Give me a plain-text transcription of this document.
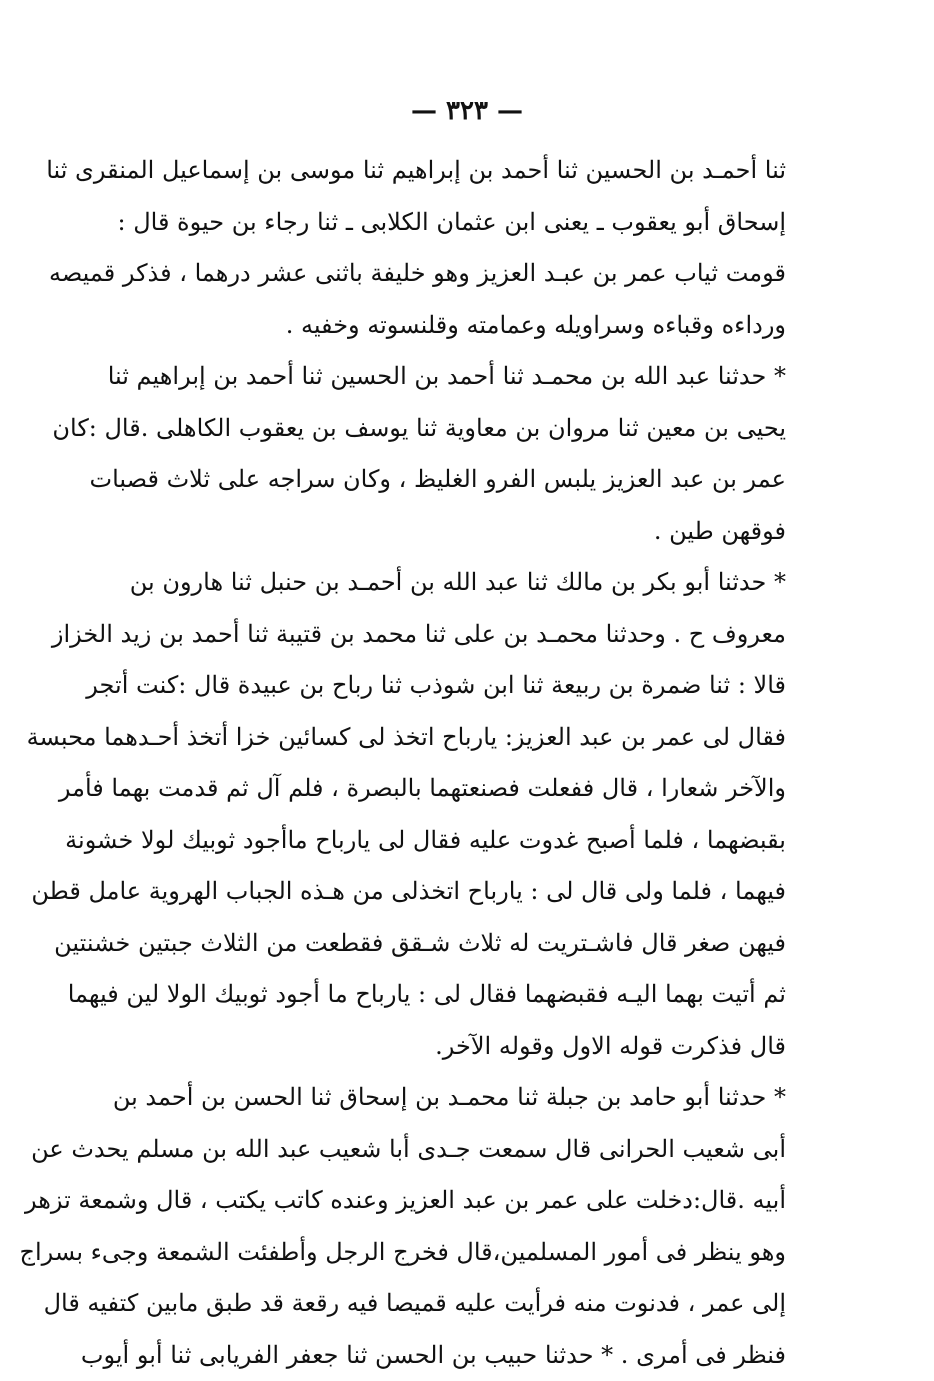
— ٣٢٣ —
ثنا أحمـد بن الحسين ثنا أحمد بن إبراهيم ثنا موسى بن إسماعيل المنقرى ثنا
إسحاق أبو يعقوب ـ يعنى ابن عثمان الكلابى ـ ثنا رجاء بن حيوة قال :
قومت ثياب عمر بن عبـد العزيز وهو خليفة باثنى عشر درهما ، فذكر قميصه
ورداءه وقباءه وسراويله وعمامته وقلنسوته وخفيه .
* حدثنا عبد الله بن محمـد ثنا أحمد بن الحسين ثنا أحمد بن إبراهيم ثنا
يحيى بن معين ثنا مروان بن معاوية ثنا يوسف بن يعقوب الكاهلى .قال :كان
عمر بن عبد العزيز يلبس الفرو الغليظ ، وكان سراجه على ثلاث قصبات
فوقهن طين .
* حدثنا أبو بكر بن مالك ثنا عبد الله بن أحمـد بن حنبل ثنا هارون بن
معروف ح . وحدثنا محمـد بن على ثنا محمد بن قتيبة ثنا أحمد بن زيد الخزاز
قالا : ثنا ضمرة بن ربيعة ثنا ابن شوذب ثنا رباح بن عبيدة قال :كنت أتجر
فقال لى عمر بن عبد العزيز: يارباح اتخذ لى كسائين خزا أتخذ أحـدهما محبسة
والآخر شعارا ، قال ففعلت فصنعتهما بالبصرة ، فلم آل ثم قدمت بهما فأمر
بقبضهما ، فلما أصبح غدوت عليه فقال لى يارباح ماأجود ثوبيك لولا خشونة
فيهما ، فلما ولى قال لى : يارباح اتخذلى من هـذه الجباب الهروية عامل قطن
فيهن صغر قال فاشـتريت له ثلاث شـقق فقطعت من الثلاث جبتين خشنتين
ثم أتيت بهما اليـه فقبضهما فقال لى : يارباح ما أجود ثوبيك الولا لين فيهما
قال فذكرت قوله الاول وقوله الآخر.
* حدثنا أبو حامد بن جبلة ثنا محمـد بن إسحاق ثنا الحسن بن أحمد بن
أبى شعيب الحرانى قال سمعت جـدى أبا شعيب عبد الله بن مسلم يحدث عن
أبيه .قال:دخلت على عمر بن عبد العزيز وعنده كاتب يكتب ، قال وشمعة تزهر
وهو ينظر فى أمور المسلمين،قال فخرج الرجل وأطفئت الشمعة وجىء بسراج
إلى عمر ، فدنوت منه فرأيت عليه قميصا فيه رقعة قد طبق مابين كتفيه قال
فنظر فى أمرى . * حدثنا حبيب بن الحسن ثنا جعفر الفريابى ثنا أبو أيوب
